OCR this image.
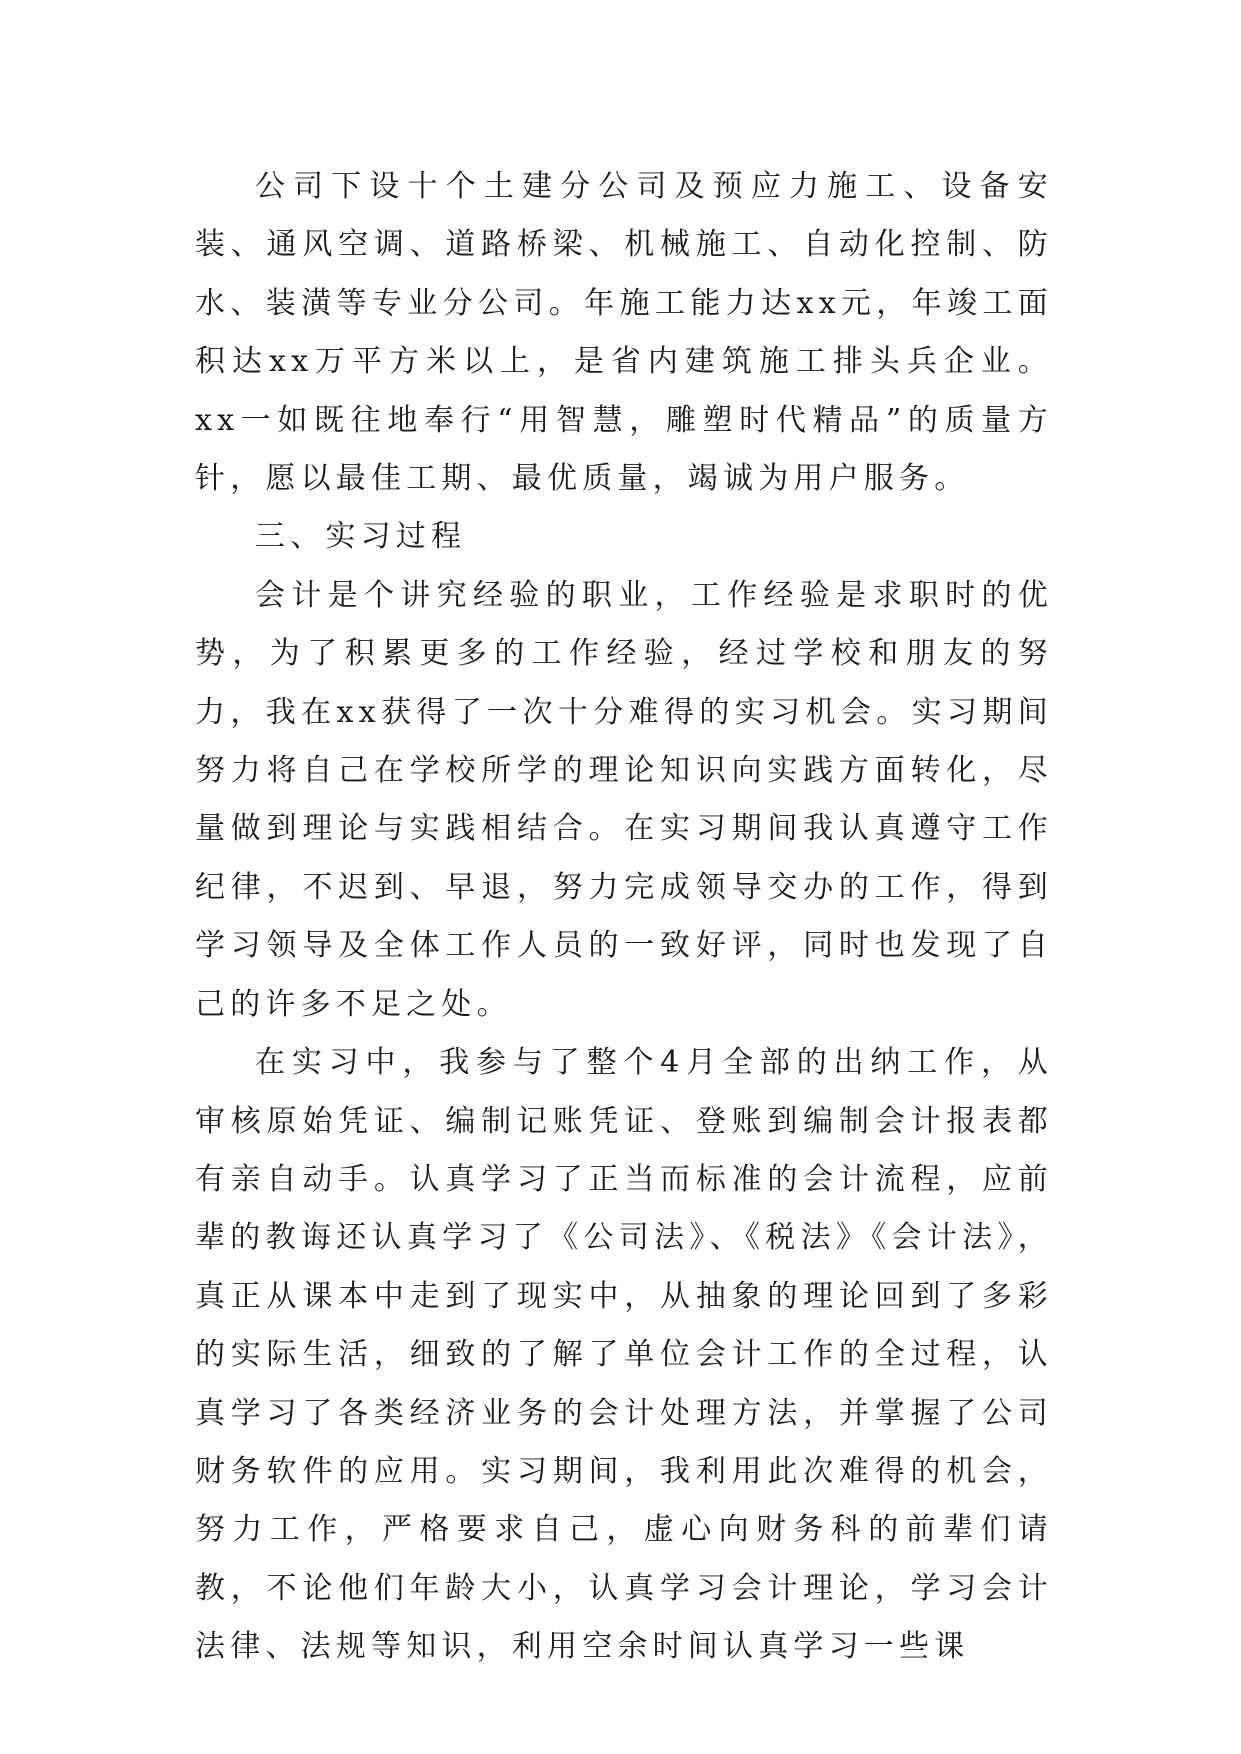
公司下设十个土建分公司及预应力施工、设备安装、通风空调、道路桥梁、机械施工、自动化控制、防水、装潢等专业分公司。年施工能力达xx元，年竣工面积达xx万平方米以上，是省内建筑施工排头兵企业。xx一如既往地奉行“用智慧，雕塑时代精品”的质量方针，愿以最佳工期、最优质量，竭诚为用户服务。

三、实习过程

会计是个讲究经验的职业，工作经验是求职时的优势，为了积累更多的工作经验，经过学校和朋友的努力，我在xx获得了一次十分难得的实习机会。实习期间努力将自己在学校所学的理论知识向实践方面转化，尽量做到理论与实践相结合。在实习期间我认真遵守工作纪律，不迟到、早退，努力完成领导交办的工作，得到学习领导及全体工作人员的一致好评，同时也发现了自己的许多不足之处。

在实习中，我参与了整个4月全部的出纳工作，从审核原始凭证、编制记账凭证、登账到编制会计报表都有亲自动手。认真学习了正当而标准的会计流程，应前辈的教诲还认真学习了《公司法》、《税法》《会计法》，真正从课本中走到了现实中，从抽象的理论回到了多彩的实际生活，细致的了解了单位会计工作的全过程，认真学习了各类经济业务的会计处理方法，并掌握了公司财务软件的应用。实习期间，我利用此次难得的机会，努力工作，严格要求自己，虚心向财务科的前辈们请教，不论他们年龄大小，认真学习会计理论，学习会计法律、法规等知识，利用空余时间认真学习一些课
